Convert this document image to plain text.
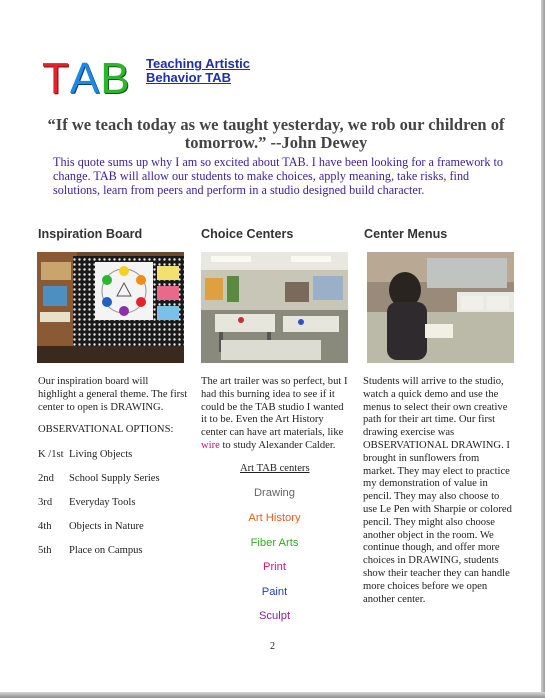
TAB Teaching Artistic
Behavior TAB
“If we teach today as we taught yesterday, we rob our children of tomorrow.” --John Dewey
This quote sums up why I am so excited about TAB. I have been looking for a framework to change. TAB will allow our students to make choices, apply meaning, take risks, find solutions, learn from peers and perform in a studio designed build character.
Inspiration Board	Choice Centers	Center Menus
Our inspiration board will highlight a general theme. The first center to open is DRAWING.
OBSERVATIONAL OPTIONS:
K /1st Living Objects
2nd School Supply Series
3rd Everyday Tools
4th Objects in Nature
5th Place on Campus
The art trailer was so perfect, but I had this burning idea to see if it could be the TAB studio I wanted it to be. Even the Art History center can have art materials, like wire to study Alexander Calder.
Art TAB centers
Drawing
Art History
Fiber Arts
Print
Paint
Sculpt
Students will arrive to the studio, watch a quick demo and use the menus to select their own creative path for their art time. Our first drawing exercise was OBSERVATIONAL DRAWING. I brought in sunflowers from market. They may elect to practice my demonstration of value in pencil. They may also choose to use Le Pen with Sharpie or colored pencil. They might also choose another object in the room. We continue though, and offer more choices in DRAWING, students show their teacher they can handle more choices before we open another center.
2
